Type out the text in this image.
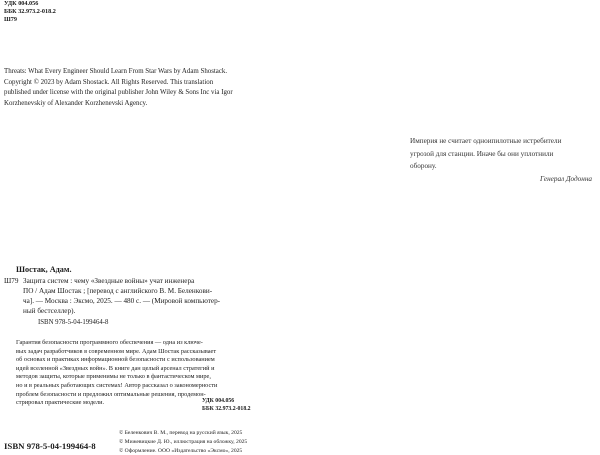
УДК 004.056
ББК 32.973.2-018.2
Ш79
Threats: What Every Engineer Should Learn From Star Wars by Adam Shostack.
Copyright © 2023 by Adam Shostack. All Rights Reserved. This translation
published under license with the original publisher John Wiley & Sons Inc via Igor
Korzhenevskiy of Alexander Korzhenevski Agency.
Шостак, Адам.
Ш79 Защита систем : чему «Звездные войны» учат инженера
ПО / Адам Шостак ; [перевод с английского В. М. Беленкови-
ча]. — Москва : Эксмо, 2025. — 480 с. — (Мировой компьютер-
ный бестселлер).
ISBN 978-5-04-199464-8
Гарантия безопасности программного обеспечения — одна из ключе-
вых задач разработчиков в современном мире. Адам Шостак рассказывает
об основах и практиках информационной безопасности с использованием
идей вселенной «Звездных войн». В книге дан целый арсенал стратегий и
методов защиты, которые применимы не только в фантастическом мире,
но и в реальных работающих системах! Автор рассказал о закономерности
проблем безопасности и предложил оптимальные решения, продемон-
стрировал практические модели.	УДК 004.056
ББК 32.973.2-018.2
ISBN 978-5-04-199464-8
© Беленкович В. М., перевод на русский язык, 2025
© Мижевицкие Д. Ю., иллюстрация на обложку, 2025
© Оформление. ООО «Издательство «Эксмо», 2025
Империя не считает одноипилотные истребители
угрозой для станции. Иначе бы они уплотнили
оборону.
Генерал Додонна
